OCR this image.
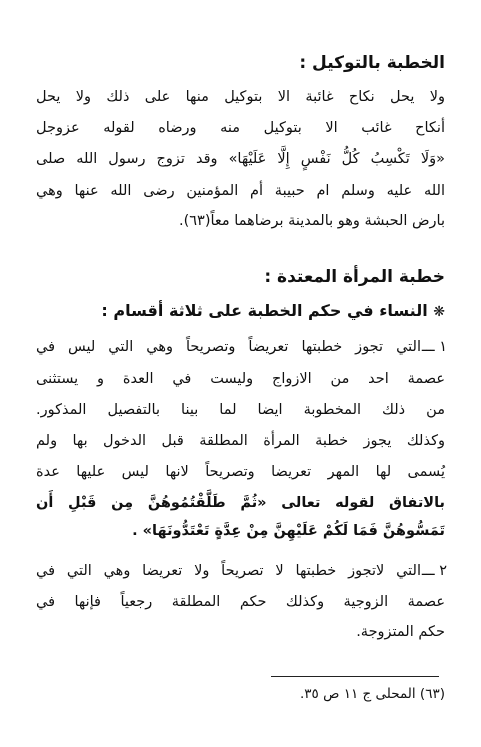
الخطبة بالتوكيل :
ولا يحل نكاح غائبة الا بتوكيل منها على ذلك ولا يحل
أنكاح غائب الا بتوكيل منه ورضاه لقوله عزوجل
«وَلَا تَكْسِبُ كُلُّ نَفْسٍ إِلَّا عَلَيْهَا» وقد تزوج رسول الله صلى
الله عليه وسلم ام حبيبة أم المؤمنين رضى الله عنها وهي
بارض الحبشة وهو بالمدينة برضاهما معاً(٦٣).
خطبة المرأة المعتدة :
❋ النساء في حكم الخطبة على ثلاثة أقسام :
١ ـــ
التي تجوز خطبتها تعريضاً وتصريحاً وهي التي ليس في
عصمة احد من الازواج وليست في العدة و يستثنى
من ذلك المخطوبة ايضا لما بينا بالتفصيل المذكور.
وكذلك يجوز خطبة المرأة المطلقة قبل الدخول بها ولم
يُسمى لها المهر تعريضا وتصريحاً لانها ليس عليها عدة
بالاتفاق لقوله تعالى «ثُمَّ طَلَّقْتُمُوهُنَّ مِن قَبْلِ أَن
تَمَسُّوهُنَّ فَمَا لَكُمْ عَلَيْهِنَّ مِنْ عِدَّةٍ تَعْتَدُّونَهَا» .
٢ ـــ
التي لاتجوز خطبتها لا تصريحاً ولا تعريضا وهي التي في
عصمة الزوجية وكذلك حكم المطلقة رجعياً فإنها في
حكم المتزوجة.
(٦٣) المحلى ج ١١ ص ٣٥.
